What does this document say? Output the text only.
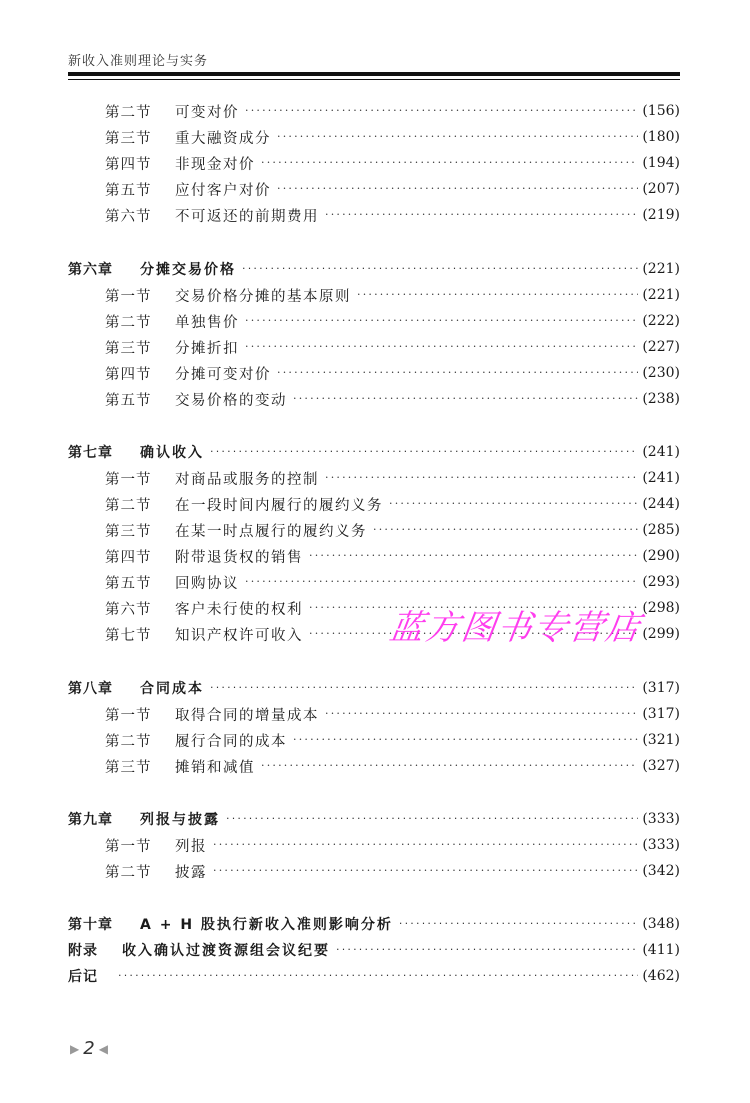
新收入准则理论与实务
第二节	可变对价 ·····	(156)
第三节	重大融资成分 ·····	(180)
第四节	非现金对价 ·····	(194)
第五节	应付客户对价 ·····	(207)
第六节	不可返还的前期费用 ·····	(219)
第六章	分摊交易价格 ·····	(221)
第一节	交易价格分摊的基本原则 ·····	(221)
第二节	单独售价 ·····	(222)
第三节	分摊折扣 ·····	(227)
第四节	分摊可变对价 ·····	(230)
第五节	交易价格的变动 ·····	(238)
第七章	确认收入 ·····	(241)
第一节	对商品或服务的控制 ·····	(241)
第二节	在一段时间内履行的履约义务 ·····	(244)
第三节	在某一时点履行的履约义务 ·····	(285)
第四节	附带退货权的销售 ·····	(290)
第五节	回购协议 ·····	(293)
第六节	客户未行使的权利 ·····	(298)
第七节	知识产权许可收入 ·····	(299)
第八章	合同成本 ·····	(317)
第一节	取得合同的增量成本 ·····	(317)
第二节	履行合同的成本 ·····	(321)
第三节	摊销和减值 ·····	(327)
第九章	列报与披露 ·····	(333)
第一节	列报 ·····	(333)
第二节	披露 ·····	(342)
第十章	A + H 股执行新收入准则影响分析 ·····	(348)
附录	收入确认过渡资源组会议纪要 ·····	(411)
后记 ·····	(462)
蓝方图书专营店
▶ 2 ◀
